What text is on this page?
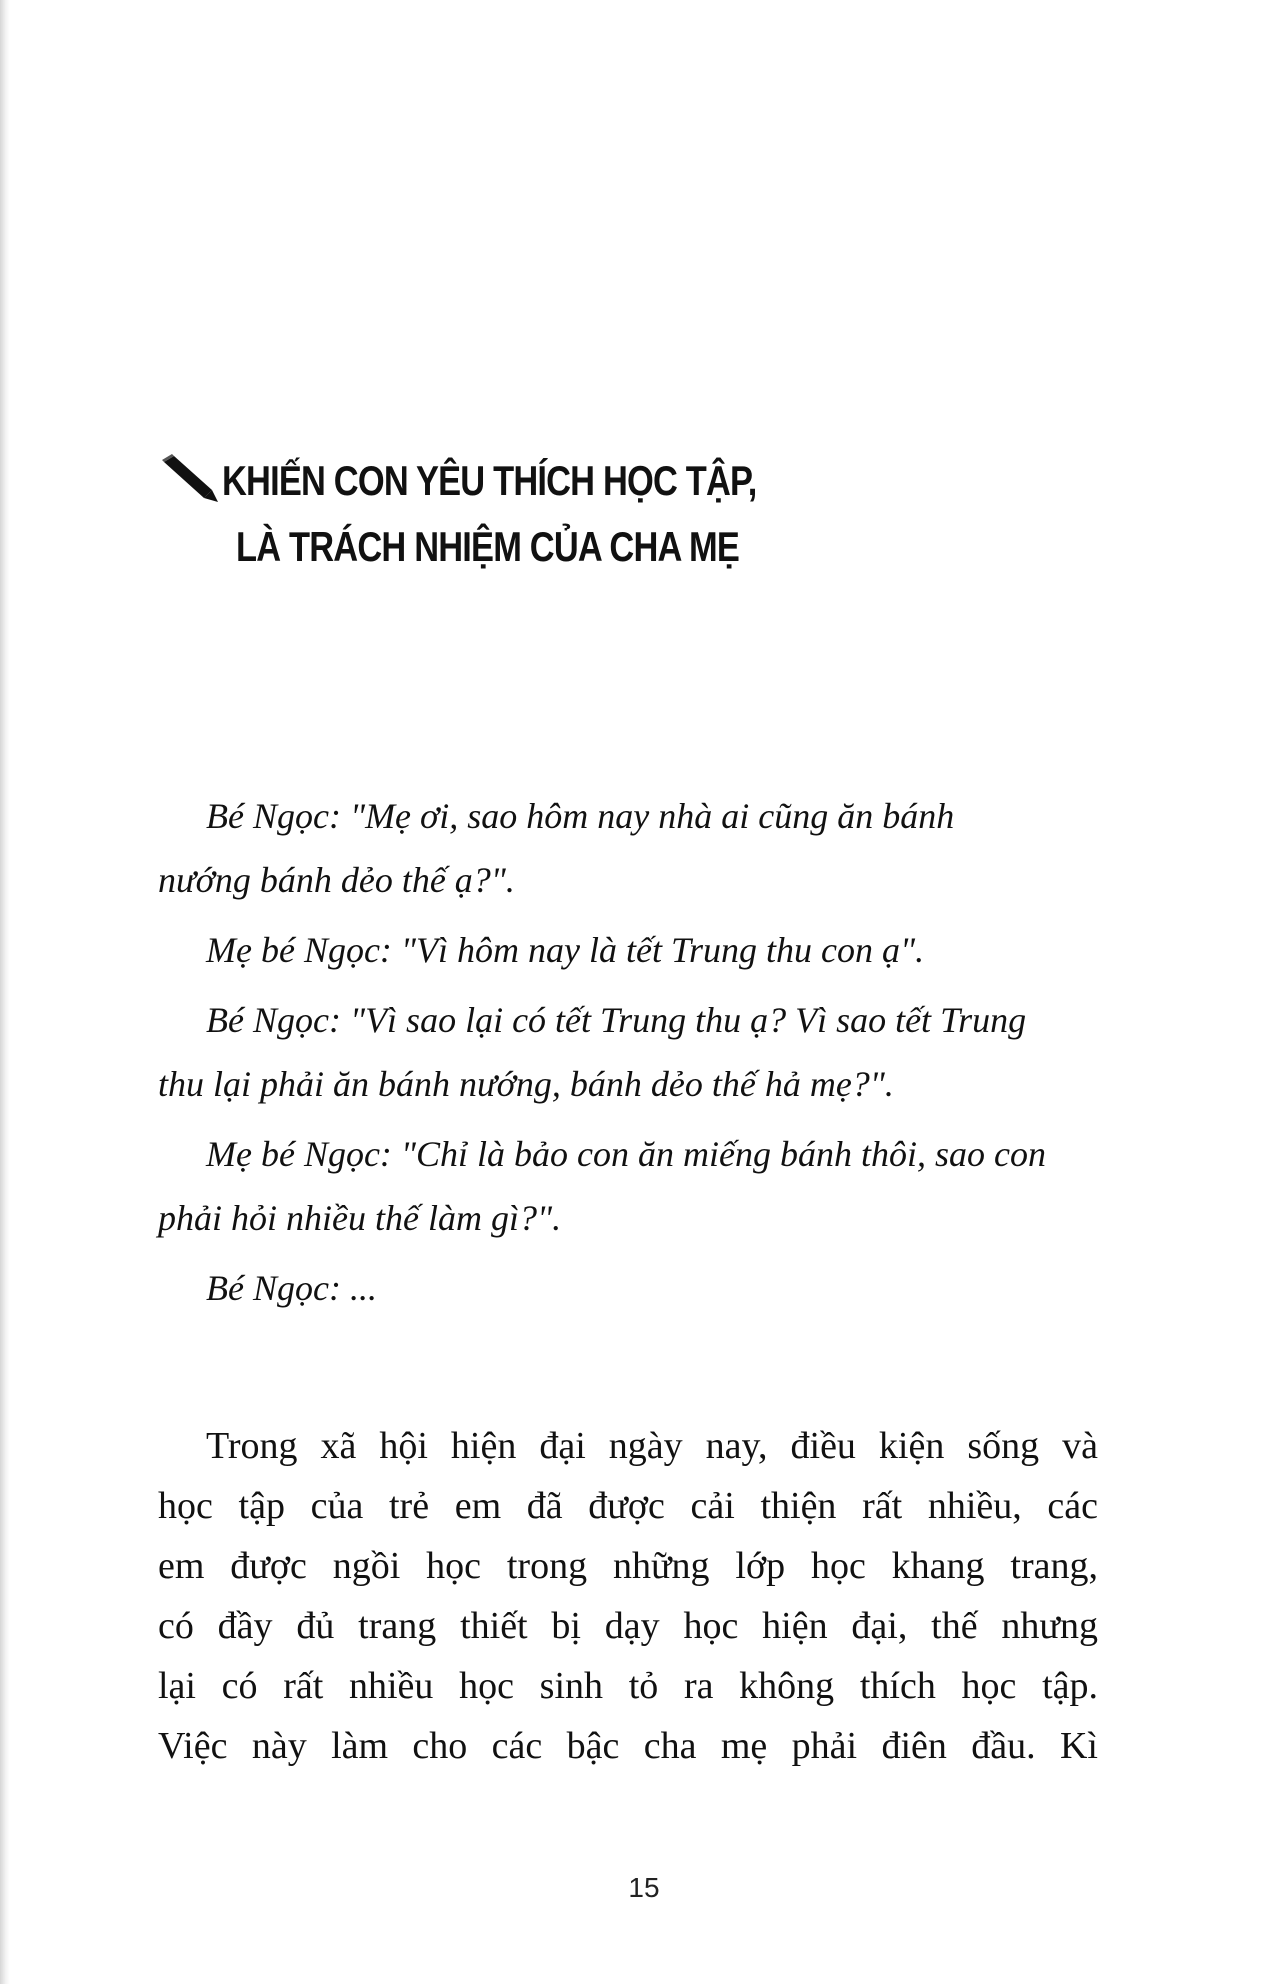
KHIẾN CON YÊU THÍCH HỌC TẬP,
LÀ TRÁCH NHIỆM CỦA CHA MẸ
Bé Ngọc: "Mẹ ơi, sao hôm nay nhà ai cũng ăn bánh
nướng bánh dẻo thế ạ?".
Mẹ bé Ngọc: "Vì hôm nay là tết Trung thu con ạ".
Bé Ngọc: "Vì sao lại có tết Trung thu ạ? Vì sao tết Trung
thu lại phải ăn bánh nướng, bánh dẻo thế hả mẹ?".
Mẹ bé Ngọc: "Chỉ là bảo con ăn miếng bánh thôi, sao con
phải hỏi nhiều thế làm gì?".
Bé Ngọc: ...
Trong xã hội hiện đại ngày nay, điều kiện sống và
học tập của trẻ em đã được cải thiện rất nhiều, các
em được ngồi học trong những lớp học khang trang,
có đầy đủ trang thiết bị dạy học hiện đại, thế nhưng
lại có rất nhiều học sinh tỏ ra không thích học tập.
Việc này làm cho các bậc cha mẹ phải điên đầu. Kì
15
